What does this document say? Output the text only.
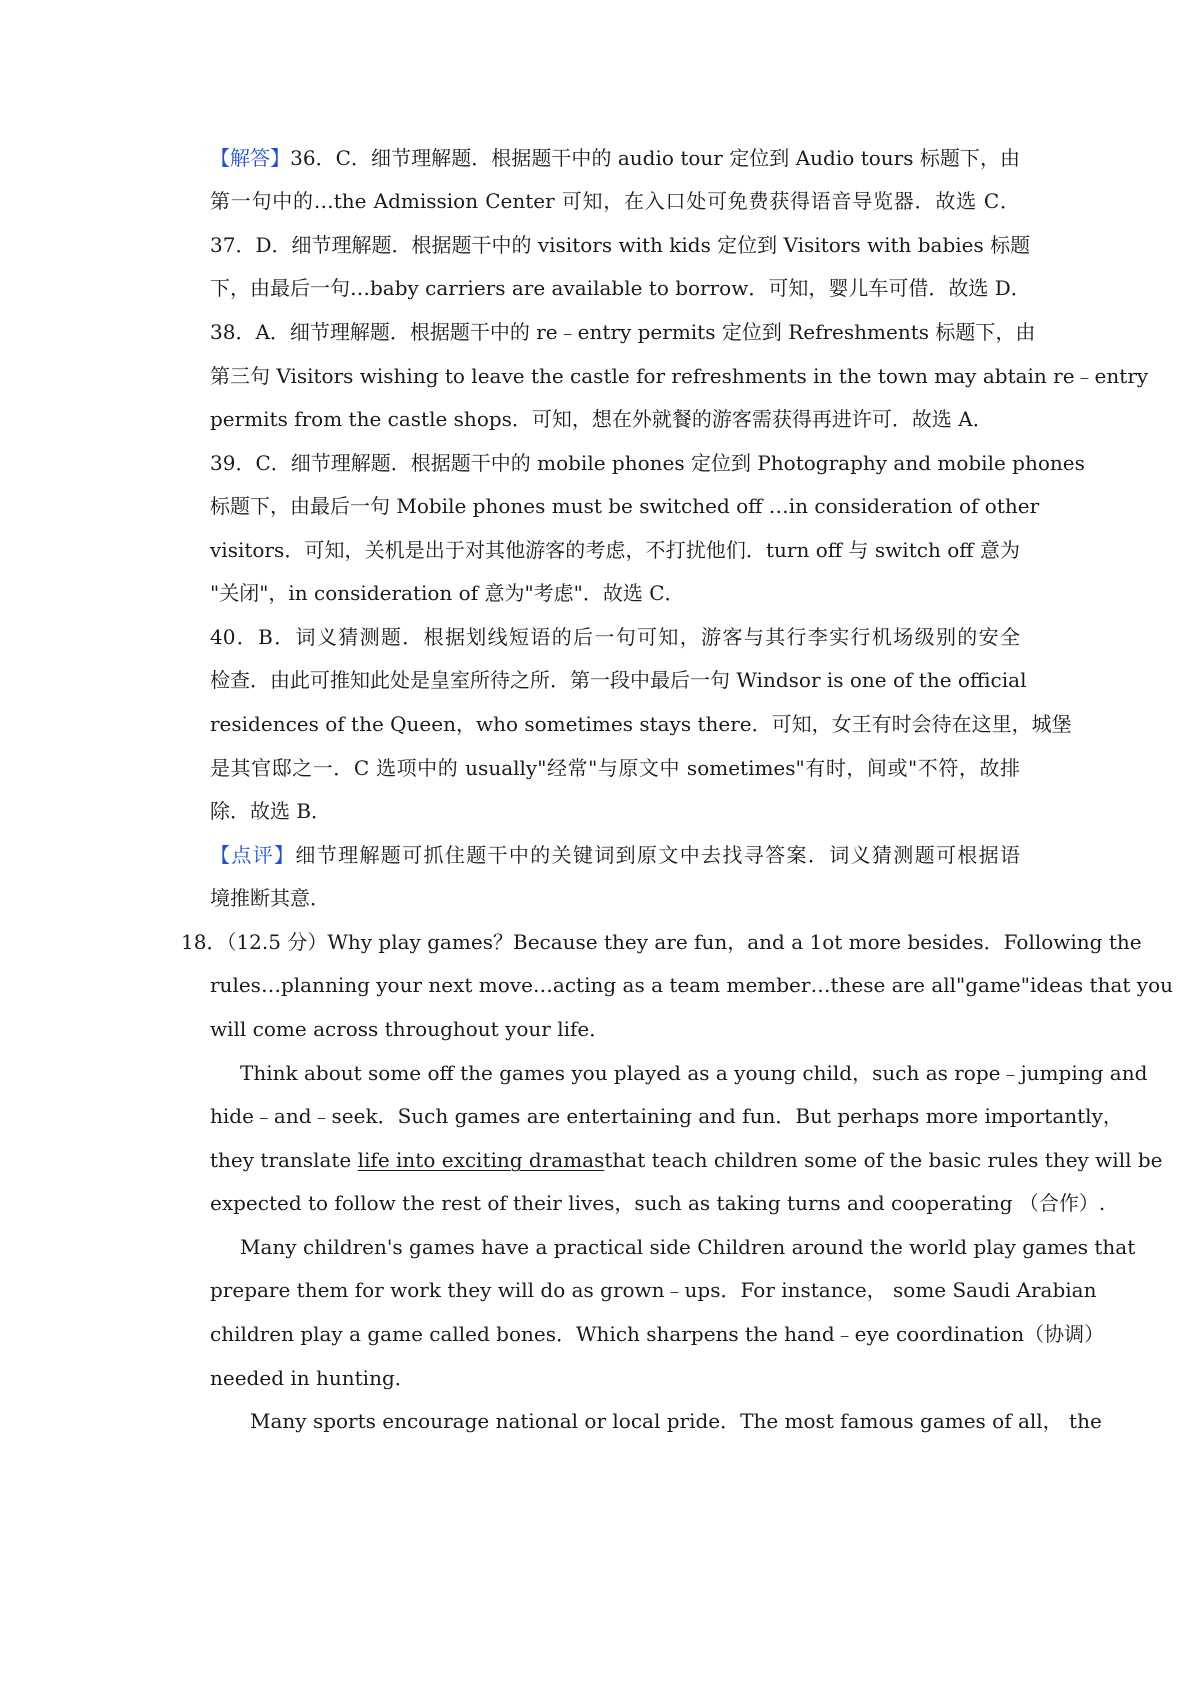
【解答】36．C．细节理解题．根据题干中的 audio tour 定位到 Audio tours 标题下，由
第一句中的…the Admission Center 可知，在入口处可免费获得语音导览器．故选 C．
37．D．细节理解题．根据题干中的 visitors with kids 定位到 Visitors with babies 标题
下，由最后一句…baby carriers are available to borrow．可知，婴儿车可借．故选 D．
38．A．细节理解题．根据题干中的 re﹣entry permits 定位到 Refreshments 标题下，由
第三句 Visitors wishing to leave the castle for refreshments in the town may abtain re﹣entry
permits from the castle shops．可知，想在外就餐的游客需获得再进许可．故选 A．
39．C．细节理解题．根据题干中的 mobile phones 定位到 Photography and mobile phones
标题下，由最后一句 Mobile phones must be switched off …in consideration of other
visitors．可知，关机是出于对其他游客的考虑，不打扰他们．turn off 与 switch off 意为
"关闭"，in consideration of 意为"考虑"．故选 C．
40．B．词义猜测题．根据划线短语的后一句可知，游客与其行李实行机场级别的安全
检查．由此可推知此处是皇室所待之所．第一段中最后一句 Windsor is one of the official
residences of the Queen，who sometimes stays there．可知，女王有时会待在这里，城堡
是其官邸之一．C 选项中的 usually"经常"与原文中 sometimes"有时，间或"不符，故排
除．故选 B．
【点评】细节理解题可抓住题干中的关键词到原文中去找寻答案．词义猜测题可根据语
境推断其意．
18．（12.5 分）Why play games？Because they are fun，and a 1ot more besides．Following the
rules…planning your next move…acting as a team member…these are all"game"ideas that you
will come across throughout your life．
Think about some off the games you played as a young child，such as rope﹣jumping and
hide﹣and﹣seek．Such games are entertaining and fun．But perhaps more importantly，
they translate life into exciting dramasthat teach children some of the basic rules they will be
expected to follow the rest of their lives，such as taking turns and cooperating （合作）.
Many children's games have a practical side Children around the world play games that
prepare them for work they will do as grown﹣ups．For instance， some Saudi Arabian
children play a game called bones．Which sharpens the hand﹣eye coordination（协调）
needed in hunting．
Many sports encourage national or local pride．The most famous games of all， the
